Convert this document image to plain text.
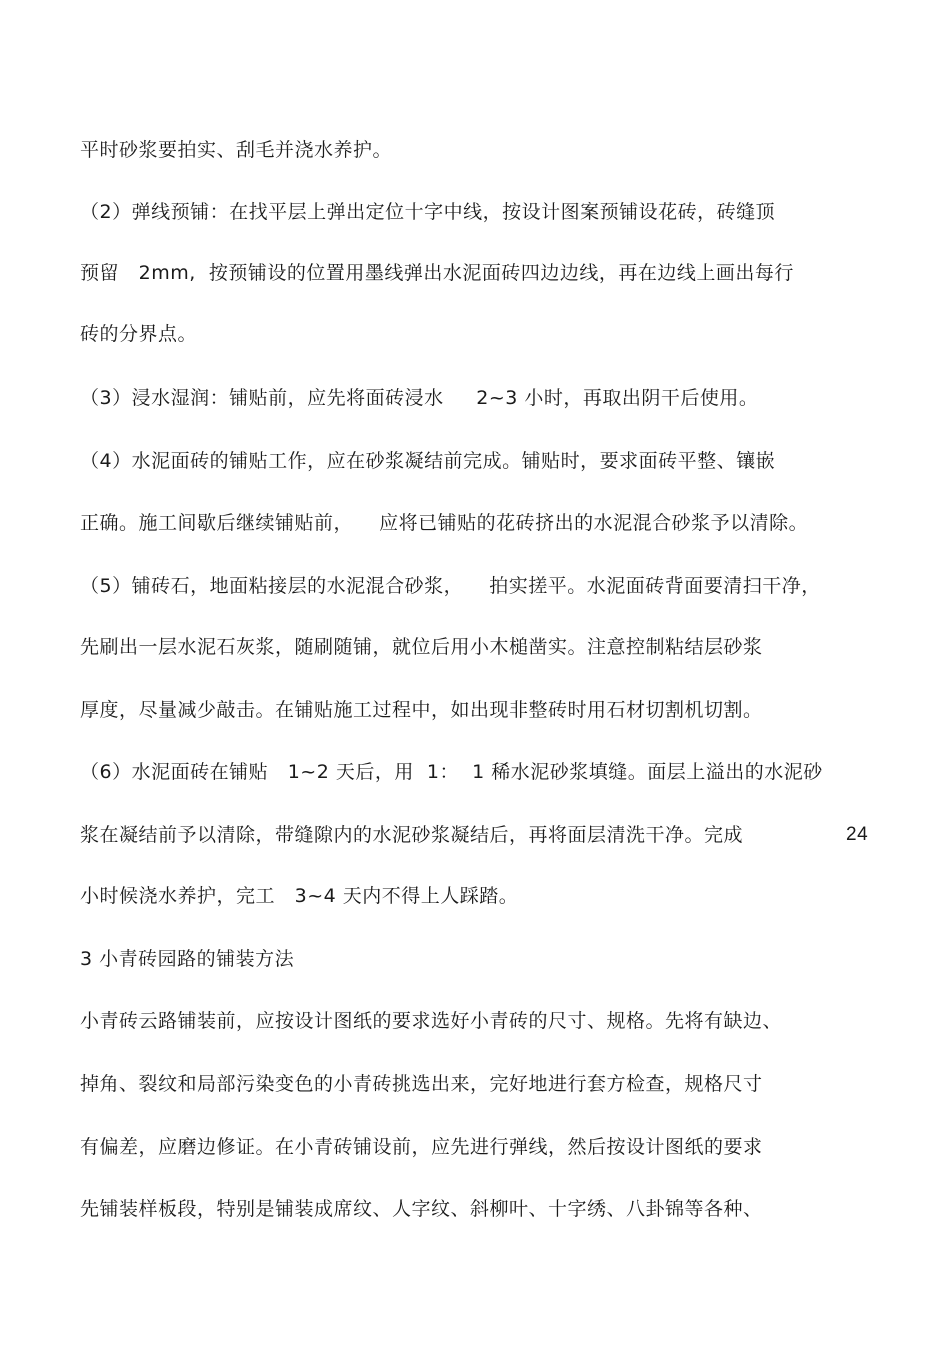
平时砂浆要拍实、刮毛并浇水养护。
（2）弹线预铺：在找平层上弹出定位十字中线，按设计图案预铺设花砖，砖缝顶
预留   2mm,  按预铺设的位置用墨线弹出水泥面砖四边边线，再在边线上画出每行
砖的分界点。
（3）浸水湿润：铺贴前，应先将面砖浸水     2~3 小时，再取出阴干后使用。
（4）水泥面砖的铺贴工作，应在砂浆凝结前完成。铺贴时，要求面砖平整、镶嵌
正确。施工间歇后继续铺贴前，    应将已铺贴的花砖挤出的水泥混合砂浆予以清除。
（5）铺砖石，地面粘接层的水泥混合砂浆，    拍实搓平。水泥面砖背面要清扫干净，
先刷出一层水泥石灰浆，随刷随铺，就位后用小木槌凿实。注意控制粘结层砂浆
厚度，尽量减少敲击。在铺贴施工过程中，如出现非整砖时用石材切割机切割。
（6）水泥面砖在铺贴   1~2 天后，用  1：  1 稀水泥砂浆填缝。面层上溢出的水泥砂
浆在凝结前予以清除，带缝隙内的水泥砂浆凝结后，再将面层清洗干净。完成	24
小时候浇水养护，完工   3~4 天内不得上人踩踏。
3 小青砖园路的铺装方法
小青砖云路铺装前，应按设计图纸的要求选好小青砖的尺寸、规格。先将有缺边、
掉角、裂纹和局部污染变色的小青砖挑选出来，完好地进行套方检查，规格尺寸
有偏差，应磨边修证。在小青砖铺设前，应先进行弹线，然后按设计图纸的要求
先铺装样板段，特别是铺装成席纹、人字纹、斜柳叶、十字绣、八卦锦等各种、
